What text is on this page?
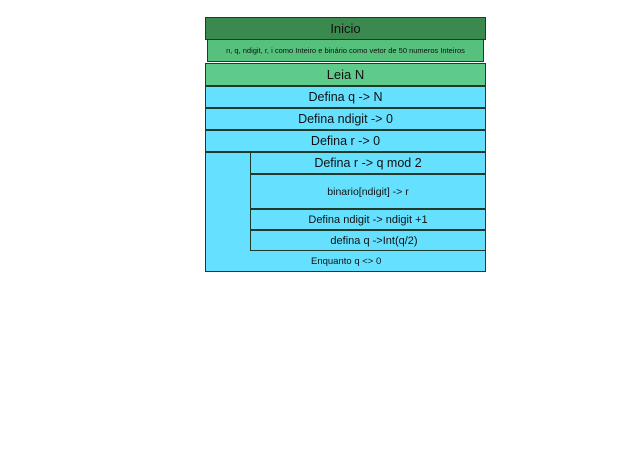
Inicio
n, q, ndigit, r, i como Inteiro e binário como vetor de 50 numeros Inteiros
Leia N
Defina q -> N
Defina ndigit -> 0
Defina r -> 0
Defina r -> q mod 2
binario[ndigit] -> r
Defina ndigit -> ndigit +1
defina q ->Int(q/2)
Enquanto q <> 0
